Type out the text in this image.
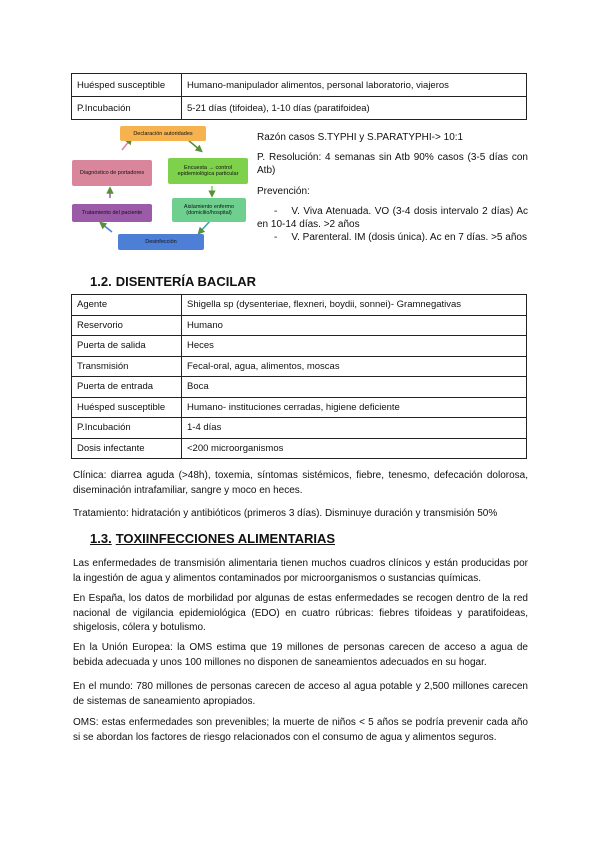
Huésped susceptible	Humano-manipulador alimentos, personal laboratorio, viajeros
P.Incubación	5-21 días (tifoidea), 1-10 días (paratifoidea)
Declaración autoridades
Encuesta → control epidemiológica particular
Aislamiento enfermo (domicilio/hospital)
Desinfección
Tratamiento del paciente
Diagnóstico de portadores

Razón casos S.TYPHI y S.PARATYPHI-> 10:1

P. Resolución: 4 semanas sin Atb 90% casos (3-5 días con Atb)

Prevención:

- V. Viva Atenuada. VO (3-4 dosis intervalo 2 días) Ac en 10-14 días. >2 años

- V. Parenteral. IM (dosis única). Ac en 7 días. >5 años

1.2. DISENTERÍA BACILAR
Agente	Shigella sp (dysenteriae, flexneri, boydii, sonnei)- Gramnegativas
Reservorio	Humano
Puerta de salida	Heces
Transmisión	Fecal-oral, agua, alimentos, moscas
Puerta de entrada	Boca
Huésped susceptible	Humano- instituciones cerradas, higiene deficiente
P.Incubación	1-4 días
Dosis infectante	<200 microorganismos

Clínica: diarrea aguda (>48h), toxemia, síntomas sistémicos, fiebre, tenesmo, defecación dolorosa, diseminación intrafamiliar, sangre y moco en heces.

Tratamiento: hidratación y antibióticos (primeros 3 días). Disminuye duración y transmisión 50%

1.3. TOXIINFECCIONES ALIMENTARIAS

Las enfermedades de transmisión alimentaria tienen muchos cuadros clínicos y están producidas por la ingestión de agua y alimentos contaminados por microorganismos o sustancias químicas.

En España, los datos de morbilidad por algunas de estas enfermedades se recogen dentro de la red nacional de vigilancia epidemiológica (EDO) en cuatro rúbricas: fiebres tifoideas y paratifoideas, shigelosis, cólera y botulismo.

En la Unión Europea: la OMS estima que 19 millones de personas carecen de acceso a agua de bebida adecuada y unos 100 millones no disponen de saneamientos adecuados en su hogar.

En el mundo: 780 millones de personas carecen de acceso al agua potable y 2,500 millones carecen de sistemas de saneamiento apropiados.

OMS: estas enfermedades son prevenibles; la muerte de niños < 5 años se podría prevenir cada año si se abordan los factores de riesgo relacionados con el consumo de agua y alimentos seguros.
